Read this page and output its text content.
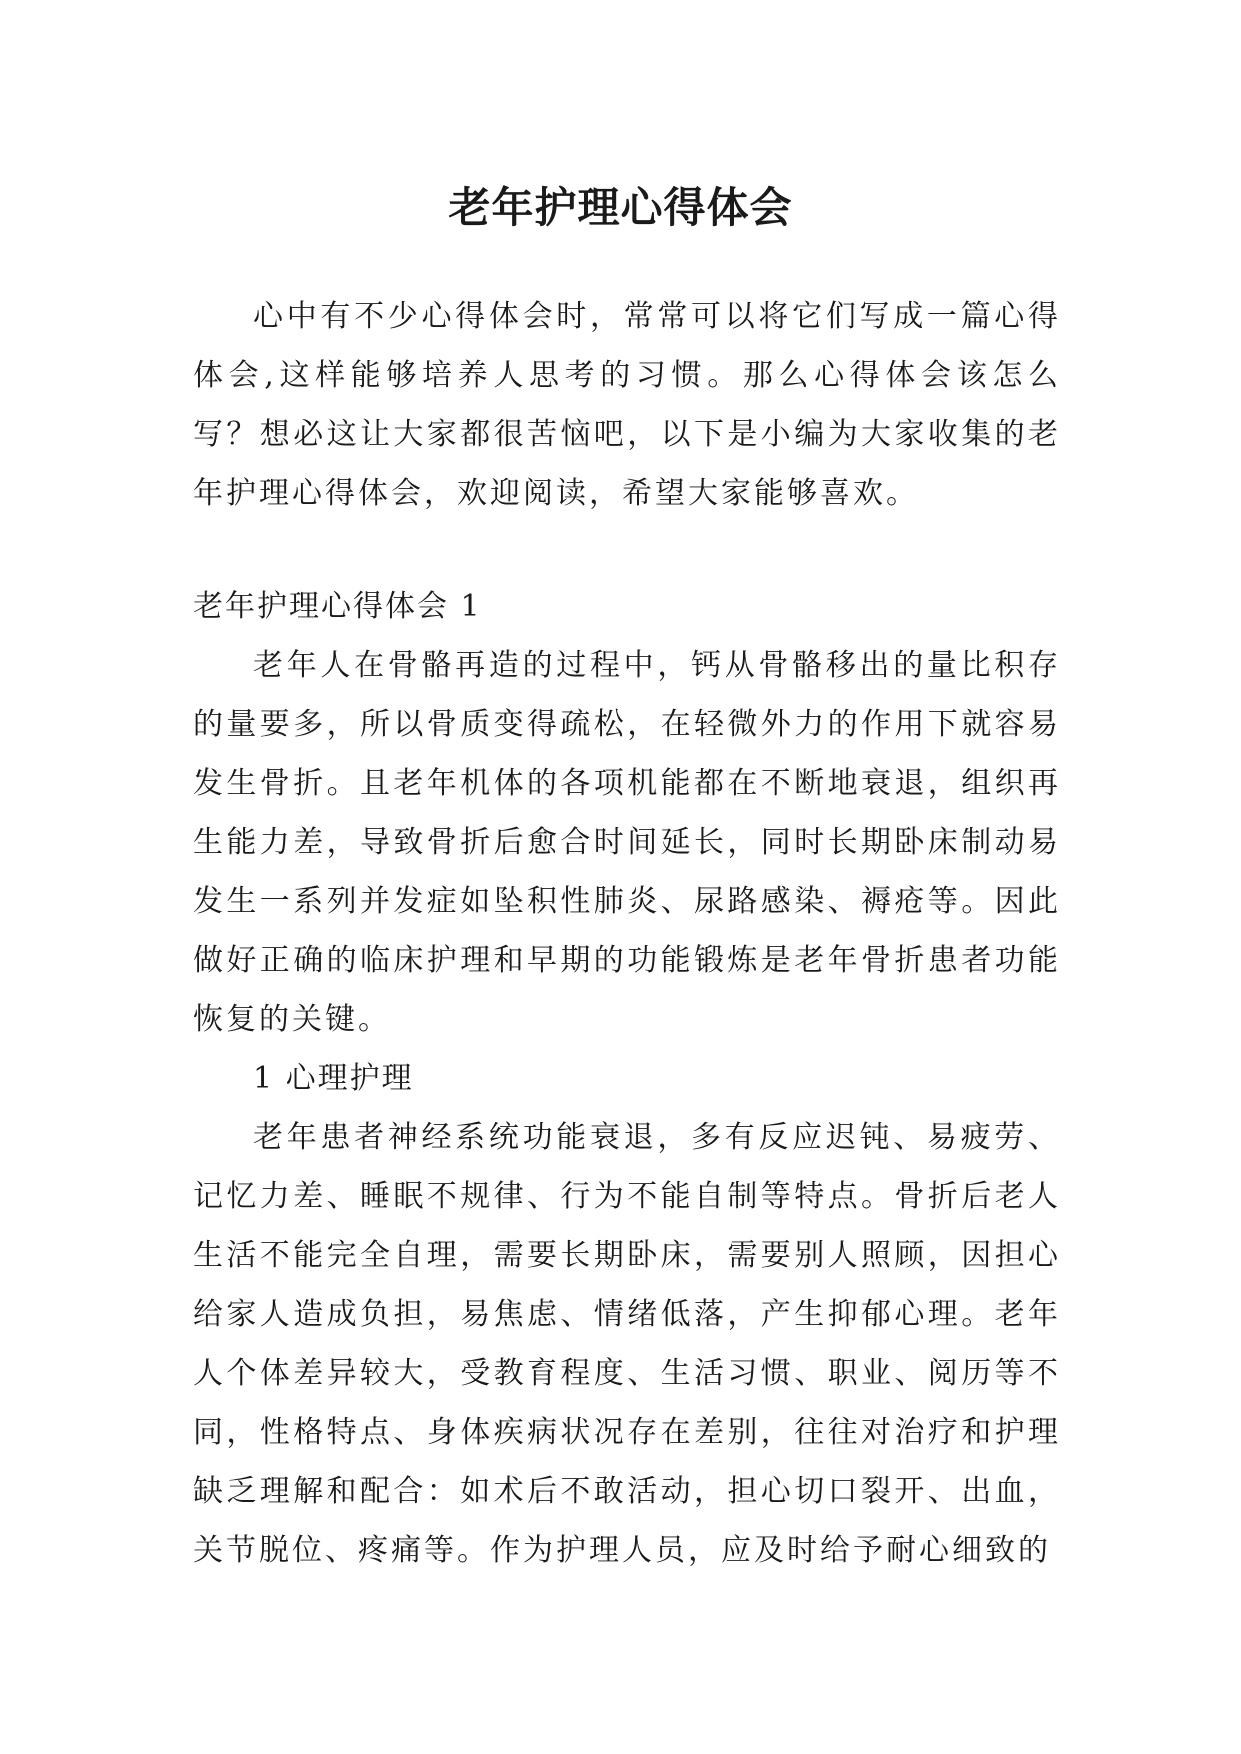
老年护理心得体会

心中有不少心得体会时，常常可以将它们写成一篇心得体会,这样能够培养人思考的习惯。那么心得体会该怎么写？想必这让大家都很苦恼吧，以下是小编为大家收集的老年护理心得体会，欢迎阅读，希望大家能够喜欢。

老年护理心得体会 1

老年人在骨骼再造的过程中，钙从骨骼移出的量比积存的量要多，所以骨质变得疏松，在轻微外力的作用下就容易发生骨折。且老年机体的各项机能都在不断地衰退，组织再生能力差，导致骨折后愈合时间延长，同时长期卧床制动易发生一系列并发症如坠积性肺炎、尿路感染、褥疮等。因此做好正确的临床护理和早期的功能锻炼是老年骨折患者功能恢复的关键。

1 心理护理

老年患者神经系统功能衰退，多有反应迟钝、易疲劳、记忆力差、睡眠不规律、行为不能自制等特点。骨折后老人生活不能完全自理，需要长期卧床，需要别人照顾，因担心给家人造成负担，易焦虑、情绪低落，产生抑郁心理。老年人个体差异较大，受教育程度、生活习惯、职业、阅历等不同，性格特点、身体疾病状况存在差别，往往对治疗和护理缺乏理解和配合：如术后不敢活动，担心切口裂开、出血，关节脱位、疼痛等。作为护理人员，应及时给予耐心细致的
